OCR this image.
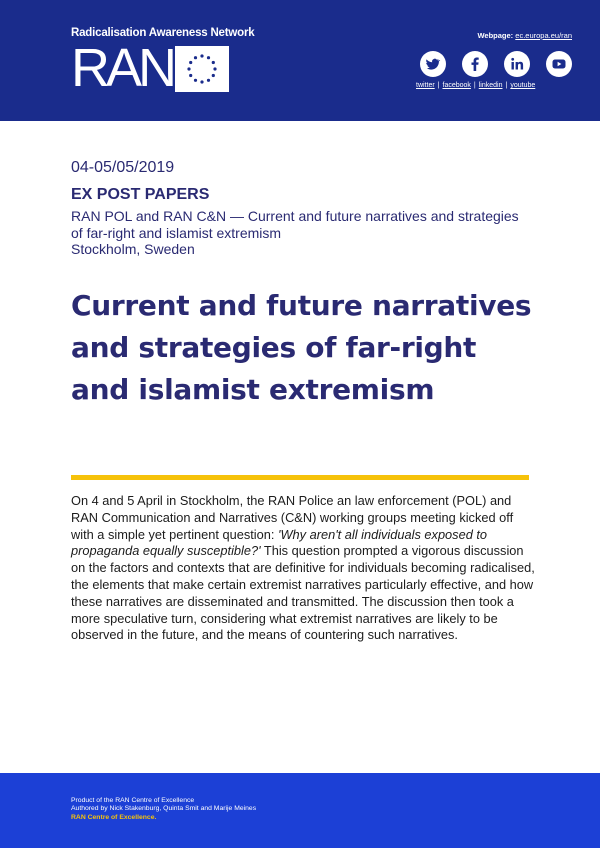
Radicalisation Awareness Network
RAN
Webpage: ec.europa.eu/ran
twitter | facebook | linkedin | youtube
04-05/05/2019
EX POST PAPERS
RAN POL and RAN C&N — Current and future narratives and strategies of far-right and islamist extremism
Stockholm, Sweden
Current and future narratives and strategies of far-right and islamist extremism

On 4 and 5 April in Stockholm, the RAN Police an law enforcement (POL) and RAN Communication and Narratives (C&N) working groups meeting kicked off with a simple yet pertinent question: 'Why aren't all individuals exposed to propaganda equally susceptible?' This question prompted a vigorous discussion on the factors and contexts that are definitive for individuals becoming radicalised, the elements that make certain extremist narratives particularly effective, and how these narratives are disseminated and transmitted. The discussion then took a more speculative turn, considering what extremist narratives are likely to be observed in the future, and the means of countering such narratives.

Product of the RAN Centre of Excellence
Authored by Nick Stakenburg, Quinta Smit and Marije Meines
RAN Centre of Excellence.
